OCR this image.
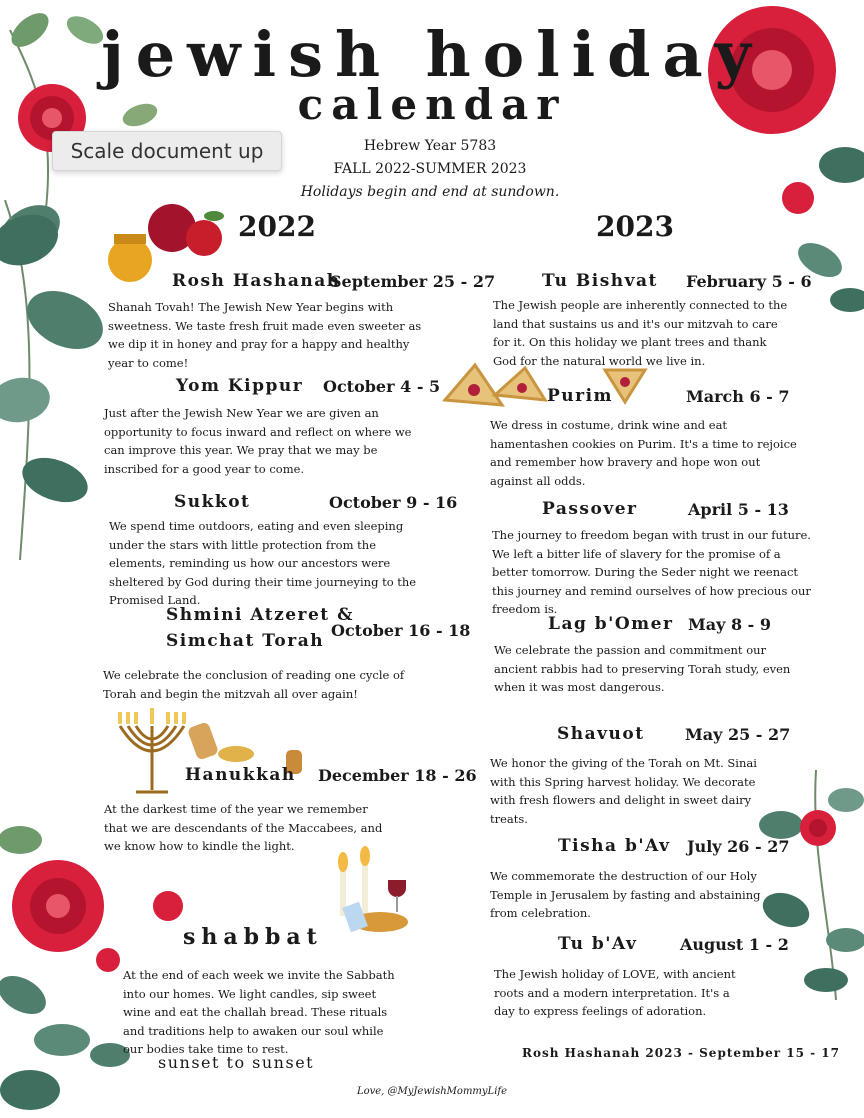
jewish holiday
calendar
Hebrew Year 5783
FALL 2022-SUMMER 2023
Holidays begin and end at sundown.
Scale document up
2022	2023
Rosh Hashanah
September 25 - 27
Shanah Tovah! The Jewish New Year begins with sweetness. We taste fresh fruit made even sweeter as we dip it in honey and pray for a happy and healthy year to come!
Yom Kippur October 4 - 5
Just after the Jewish New Year we are given an opportunity to focus inward and reflect on where we can improve this year. We pray that we may be inscribed for a good year to come.
Sukkot	October 9 - 16
We spend time outdoors, eating and even sleeping under the stars with little protection from the elements, reminding us how our ancestors were sheltered by God during their time journeying to the Promised Land.
Shmini Atzeret &
Simchat Torah
October 16 - 18
We celebrate the conclusion of reading one cycle of Torah and begin the mitzvah all over again!
Hanukkah December 18 - 26
At the darkest time of the year we remember that we are descendants of the Maccabees, and we know how to kindle the light.
shabbat
At the end of each week we invite the Sabbath into our homes. We light candles, sip sweet wine and eat the challah bread. These rituals and traditions help to awaken our soul while our bodies take time to rest.
sunset to sunset
Tu Bishvat February 5 - 6
The Jewish people are inherently connected to the land that sustains us and it's our mitzvah to care for it. On this holiday we plant trees and thank God for the natural world we live in.
Purim	March 6 - 7
We dress in costume, drink wine and eat hamentashen cookies on Purim. It's a time to rejoice and remember how bravery and hope won out against all odds.
Passover	April 5 - 13
The journey to freedom began with trust in our future. We left a bitter life of slavery for the promise of a better tomorrow. During the Seder night we reenact this journey and remind ourselves of how precious our freedom is.
Lag b'Omer May 8 - 9
We celebrate the passion and commitment our ancient rabbis had to preserving Torah study, even when it was most dangerous.
Shavuot	May 25 - 27
We honor the giving of the Torah on Mt. Sinai with this Spring harvest holiday. We decorate with fresh flowers and delight in sweet dairy treats.
Tisha b'Av July 26 - 27
We commemorate the destruction of our Holy Temple in Jerusalem by fasting and abstaining from celebration.
Tu b'Av	August 1 - 2
The Jewish holiday of LOVE, with ancient roots and a modern interpretation. It's a day to express feelings of adoration.
Rosh Hashanah 2023 - September 15 - 17
Love, @MyJewishMommyLife
